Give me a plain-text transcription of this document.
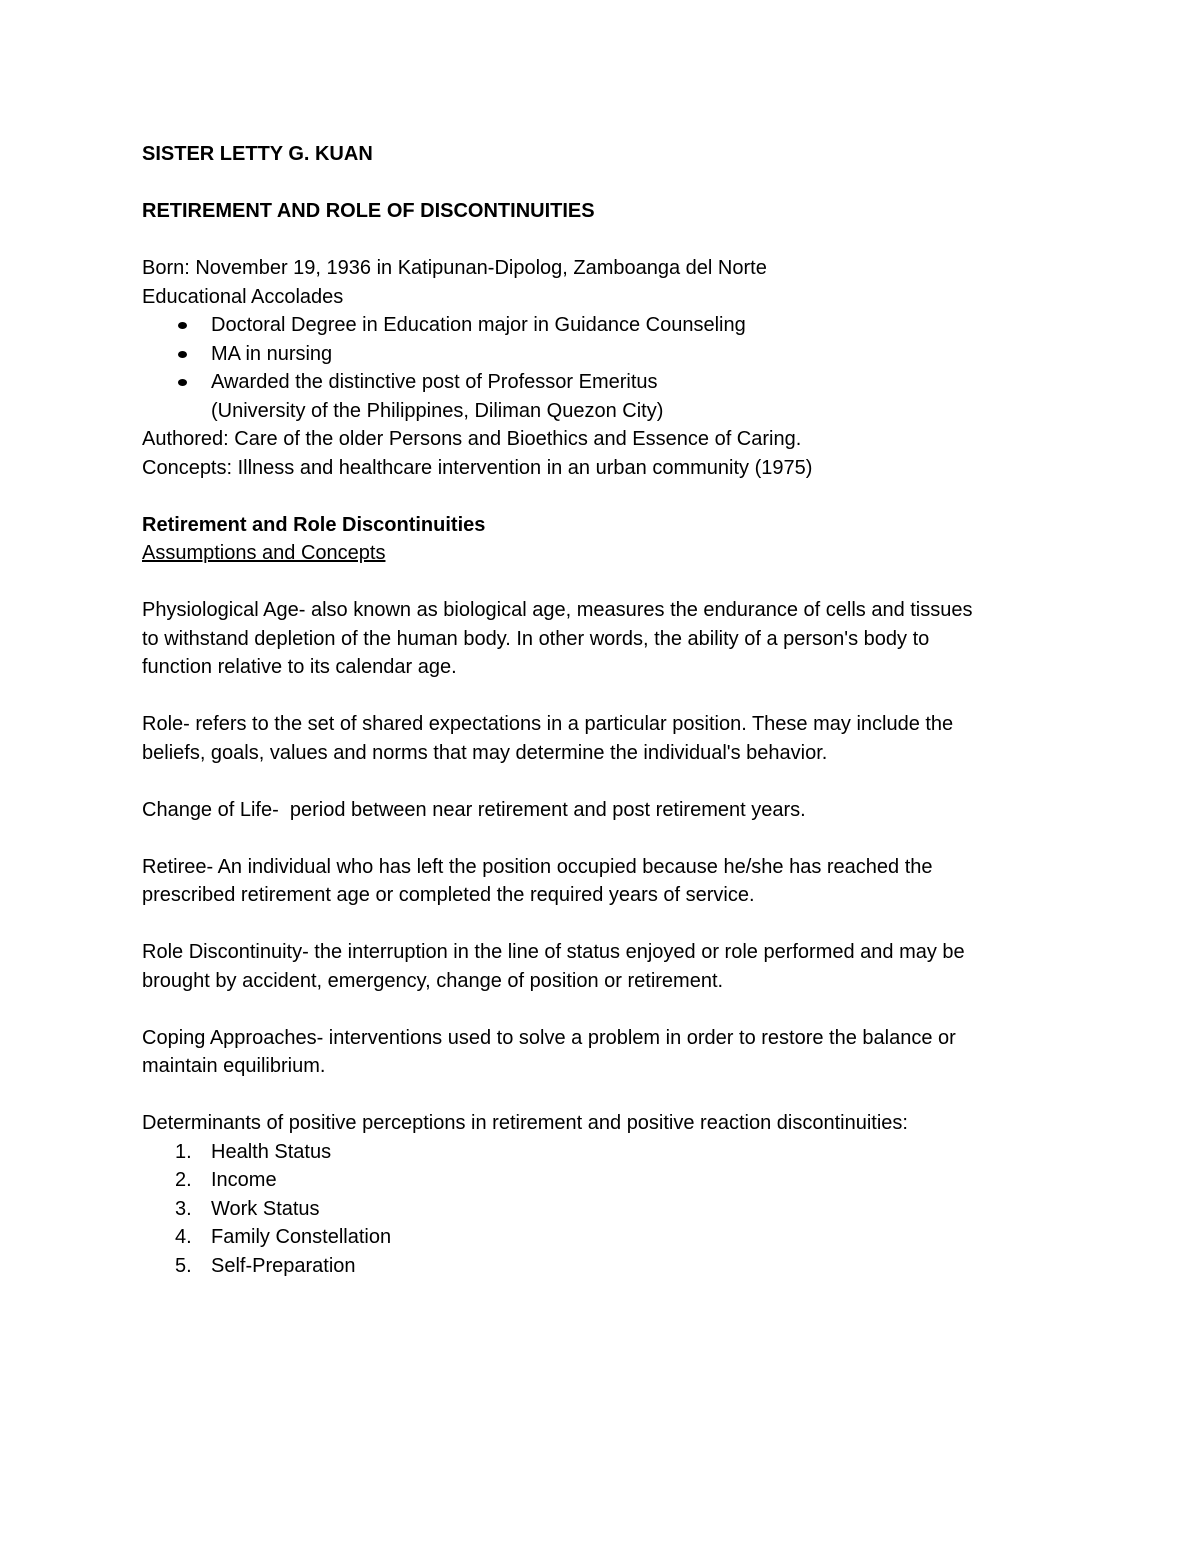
SISTER LETTY G. KUAN

RETIREMENT AND ROLE OF DISCONTINUITIES

Born: November 19, 1936 in Katipunan-Dipolog, Zamboanga del Norte

Educational Accolades

Doctoral Degree in Education major in Guidance Counseling
MA in nursing
Awarded the distinctive post of Professor Emeritus
(University of the Philippines, Diliman Quezon City)

Authored: Care of the older Persons and Bioethics and Essence of Caring.

Concepts: Illness and healthcare intervention in an urban community (1975)

Retirement and Role Discontinuities

Assumptions and Concepts

Physiological Age- also known as biological age, measures the endurance of cells and tissues

to withstand depletion of the human body. In other words, the ability of a person's body to

function relative to its calendar age.

Role- refers to the set of shared expectations in a particular position. These may include the

beliefs, goals, values and norms that may determine the individual's behavior.

Change of Life-  period between near retirement and post retirement years.

Retiree- An individual who has left the position occupied because he/she has reached the

prescribed retirement age or completed the required years of service.

Role Discontinuity- the interruption in the line of status enjoyed or role performed and may be

brought by accident, emergency, change of position or retirement.

Coping Approaches- interventions used to solve a problem in order to restore the balance or

maintain equilibrium.

Determinants of positive perceptions in retirement and positive reaction discontinuities:

1. Health Status
2. Income
3. Work Status
4. Family Constellation
5. Self-Preparation
